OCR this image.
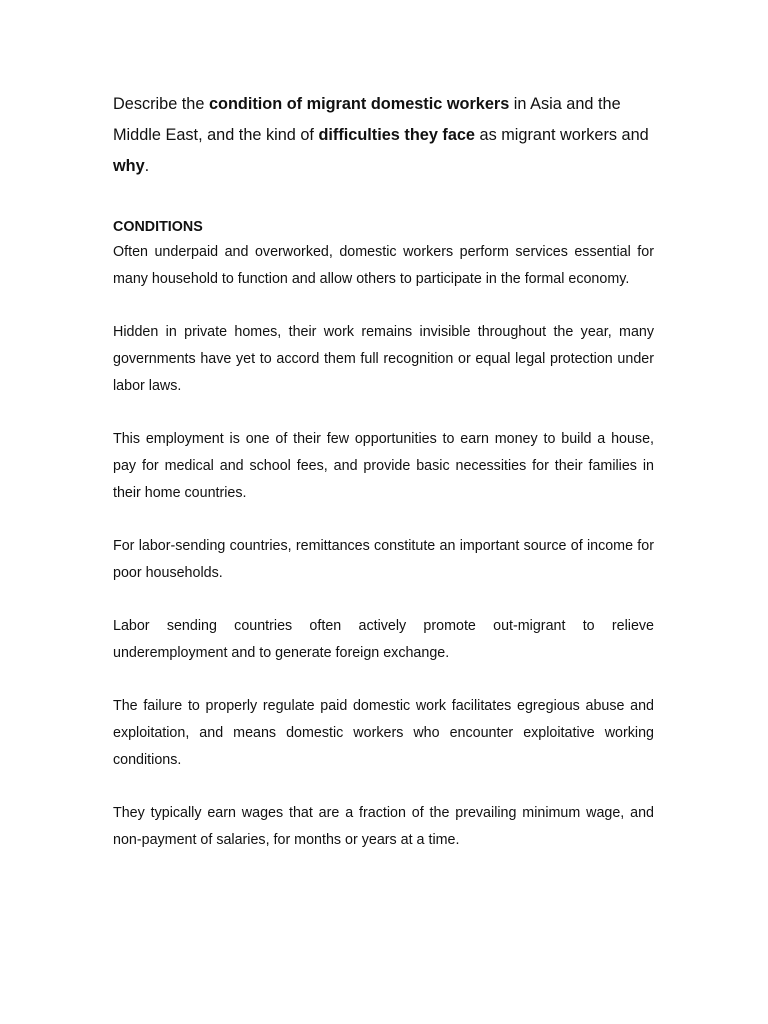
Describe the condition of migrant domestic workers in Asia and the Middle East, and the kind of difficulties they face as migrant workers and why.

CONDITIONS

Often underpaid and overworked, domestic workers perform services essential for many household to function and allow others to participate in the formal economy.

Hidden in private homes, their work remains invisible throughout the year, many governments have yet to accord them full recognition or equal legal protection under labor laws.

This employment is one of their few opportunities to earn money to build a house, pay for medical and school fees, and provide basic necessities for their families in their home countries.

For labor-sending countries, remittances constitute an important source of income for poor households.

Labor sending countries often actively promote out-migrant to relieve underemployment and to generate foreign exchange.

The failure to properly regulate paid domestic work facilitates egregious abuse and exploitation, and means domestic workers who encounter exploitative working conditions.

They typically earn wages that are a fraction of the prevailing minimum wage, and non-payment of salaries, for months or years at a time.
